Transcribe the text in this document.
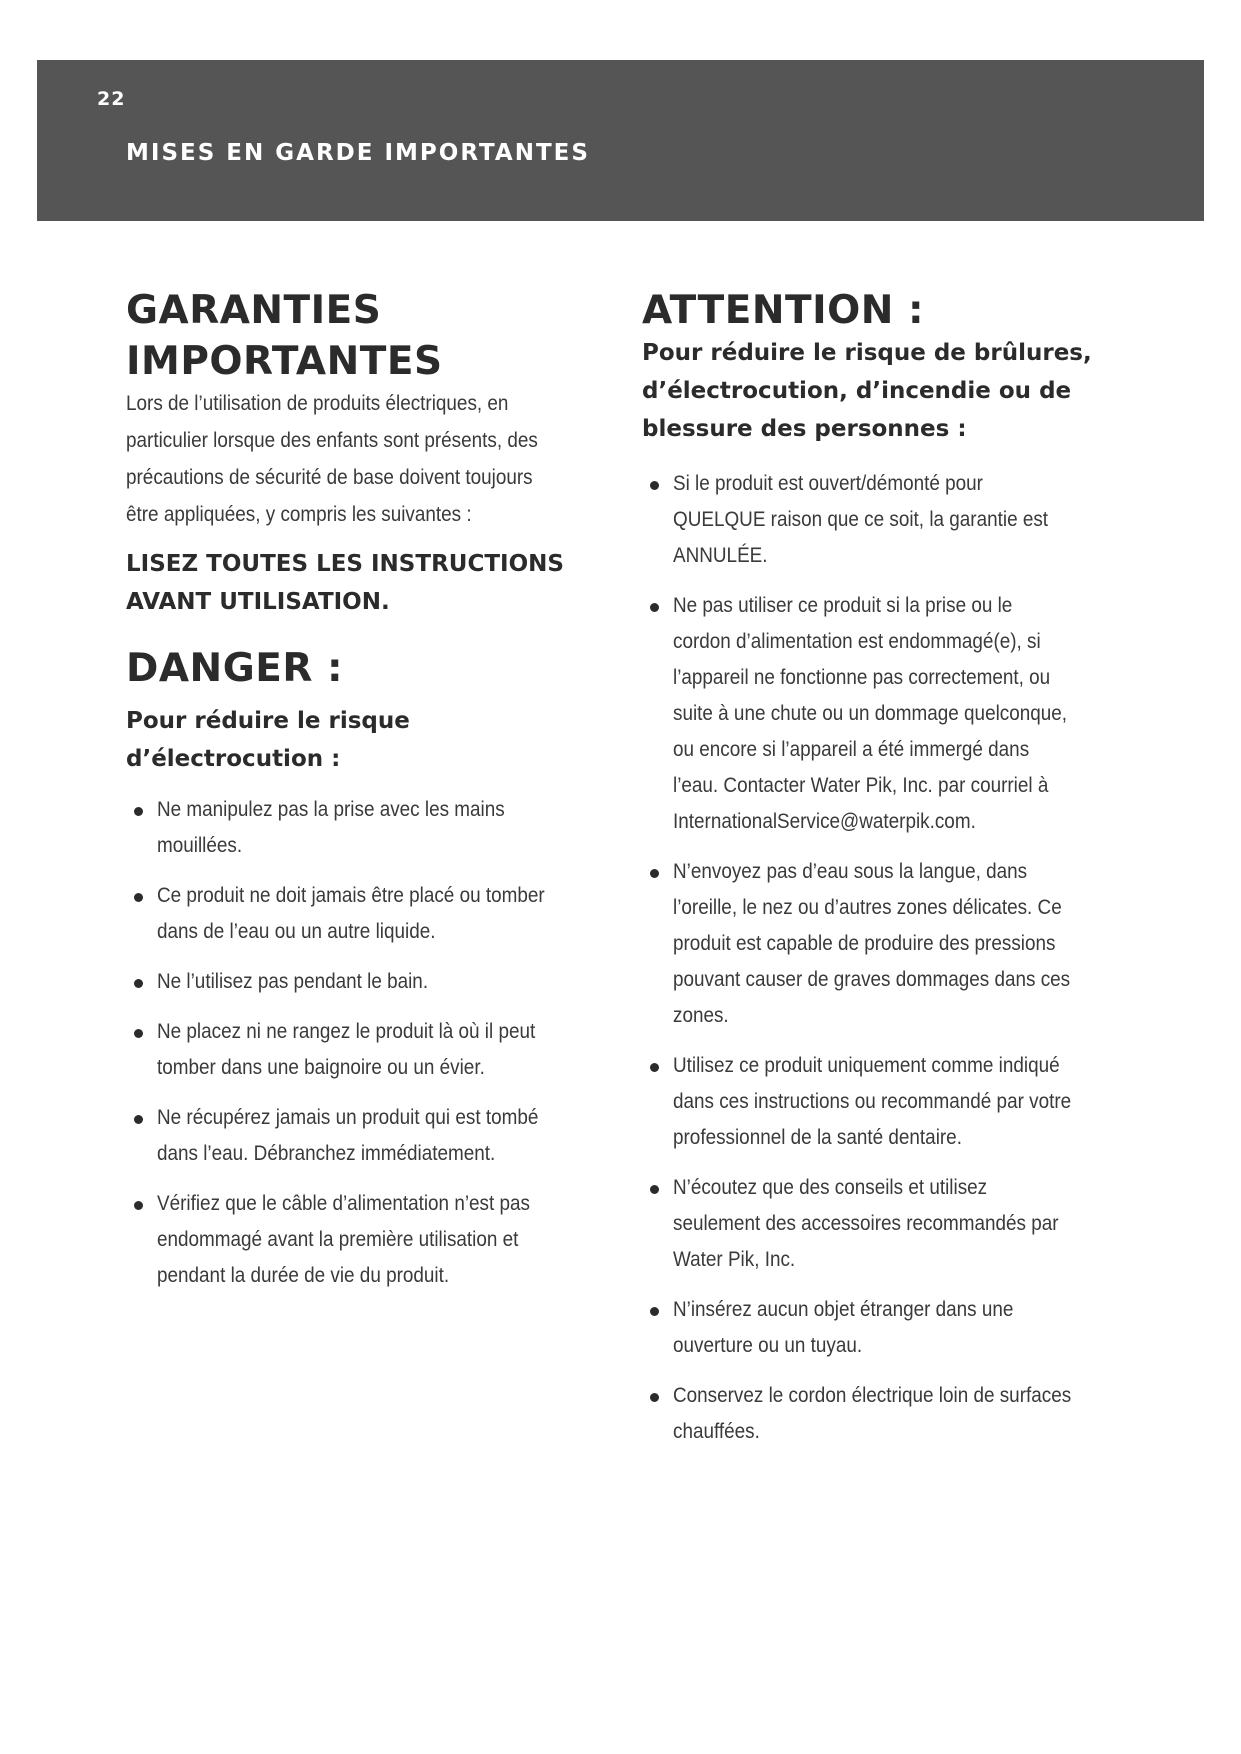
22
MISES EN GARDE IMPORTANTES
GARANTIES
IMPORTANTES

Lors de l’utilisation de produits électriques, en
particulier lorsque des enfants sont présents, des
précautions de sécurité de base doivent toujours
être appliquées, y compris les suivantes :

LISEZ TOUTES LES INSTRUCTIONS
AVANT UTILISATION.

DANGER :

Pour réduire le risque
d’électrocution :

Ne manipulez pas la prise avec les mains
mouillées.
Ce produit ne doit jamais être placé ou tomber
dans de l’eau ou un autre liquide.
Ne l’utilisez pas pendant le bain.
Ne placez ni ne rangez le produit là où il peut
tomber dans une baignoire ou un évier.
Ne récupérez jamais un produit qui est tombé
dans l’eau. Débranchez immédiatement.
Vérifiez que le câble d’alimentation n’est pas
endommagé avant la première utilisation et
pendant la durée de vie du produit.
ATTENTION :

Pour réduire le risque de brûlures,
d’électrocution, d’incendie ou de
blessure des personnes :

Si le produit est ouvert/démonté pour
QUELQUE raison que ce soit, la garantie est
ANNULÉE.
Ne pas utiliser ce produit si la prise ou le
cordon d’alimentation est endommagé(e), si
l’appareil ne fonctionne pas correctement, ou
suite à une chute ou un dommage quelconque,
ou encore si l’appareil a été immergé dans
l’eau. Contacter Water Pik, Inc. par courriel à
InternationalService@waterpik.com.
N’envoyez pas d’eau sous la langue, dans
l’oreille, le nez ou d’autres zones délicates. Ce
produit est capable de produire des pressions
pouvant causer de graves dommages dans ces
zones.
Utilisez ce produit uniquement comme indiqué
dans ces instructions ou recommandé par votre
professionnel de la santé dentaire.
N’écoutez que des conseils et utilisez
seulement des accessoires recommandés par
Water Pik, Inc.
N’insérez aucun objet étranger dans une
ouverture ou un tuyau.
Conservez le cordon électrique loin de surfaces
chauffées.
